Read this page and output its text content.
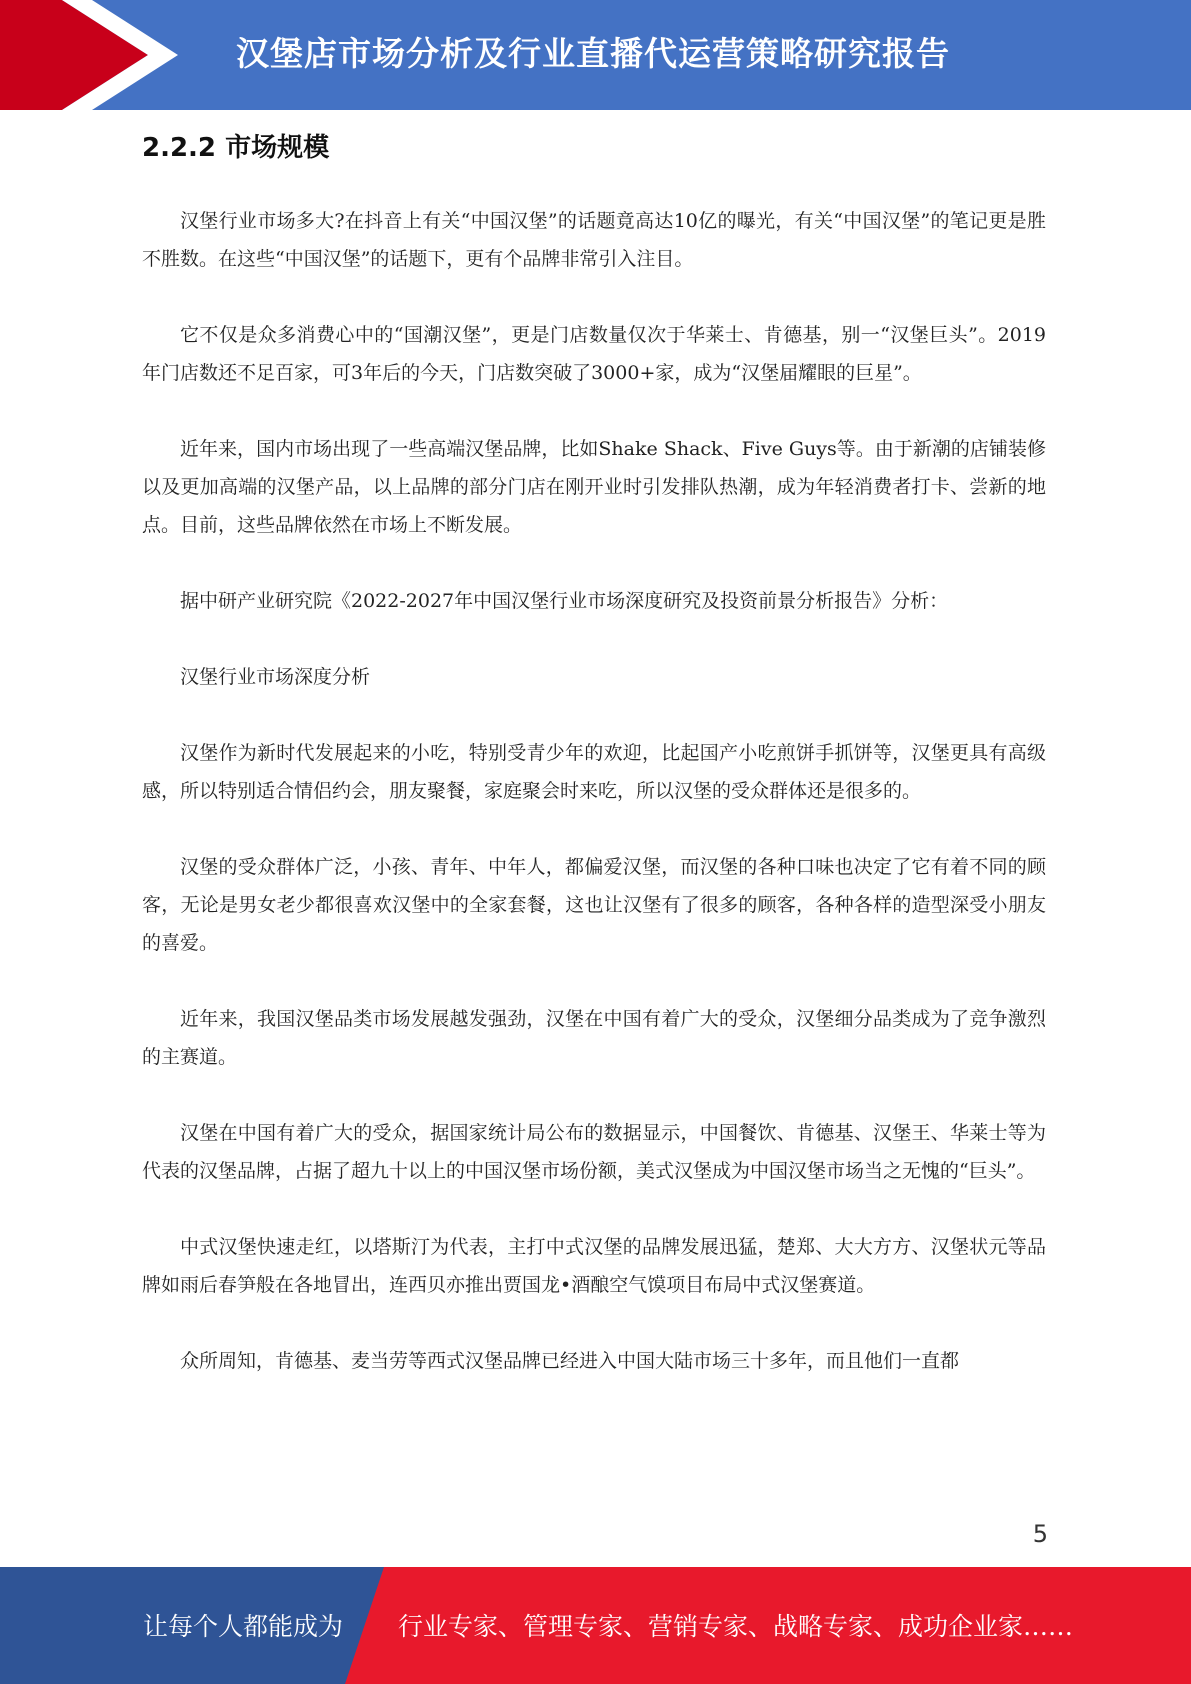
汉堡店市场分析及行业直播代运营策略研究报告
2.2.2 市场规模

汉堡行业市场多大?在抖音上有关“中国汉堡”的话题竟高达10亿的曝光，有关“中国汉堡”的笔记更是胜不胜数。在这些“中国汉堡”的话题下，更有个品牌非常引入注目。

它不仅是众多消费心中的“国潮汉堡”，更是门店数量仅次于华莱士、肯德基，别一“汉堡巨头”。2019年门店数还不足百家，可3年后的今天，门店数突破了3000+家，成为“汉堡届耀眼的巨星”。

近年来，国内市场出现了一些高端汉堡品牌，比如Shake Shack、Five Guys等。由于新潮的店铺装修以及更加高端的汉堡产品，以上品牌的部分门店在刚开业时引发排队热潮，成为年轻消费者打卡、尝新的地点。目前，这些品牌依然在市场上不断发展。

据中研产业研究院《2022-2027年中国汉堡行业市场深度研究及投资前景分析报告》分析：

汉堡行业市场深度分析

汉堡作为新时代发展起来的小吃，特别受青少年的欢迎，比起国产小吃煎饼手抓饼等，汉堡更具有高级感，所以特别适合情侣约会，朋友聚餐，家庭聚会时来吃，所以汉堡的受众群体还是很多的。

汉堡的受众群体广泛，小孩、青年、中年人，都偏爱汉堡，而汉堡的各种口味也决定了它有着不同的顾客，无论是男女老少都很喜欢汉堡中的全家套餐，这也让汉堡有了很多的顾客，各种各样的造型深受小朋友的喜爱。

近年来，我国汉堡品类市场发展越发强劲，汉堡在中国有着广大的受众，汉堡细分品类成为了竞争激烈的主赛道。

汉堡在中国有着广大的受众，据国家统计局公布的数据显示，中国餐饮、肯德基、汉堡王、华莱士等为代表的汉堡品牌，占据了超九十以上的中国汉堡市场份额，美式汉堡成为中国汉堡市场当之无愧的“巨头”。

中式汉堡快速走红，以塔斯汀为代表，主打中式汉堡的品牌发展迅猛，楚郑、大大方方、汉堡状元等品牌如雨后春笋般在各地冒出，连西贝亦推出贾国龙•酒酿空气馍项目布局中式汉堡赛道。

众所周知，肯德基、麦当劳等西式汉堡品牌已经进入中国大陆市场三十多年，而且他们一直都

5
让每个人都能成为 行业专家、管理专家、营销专家、战略专家、成功企业家……
